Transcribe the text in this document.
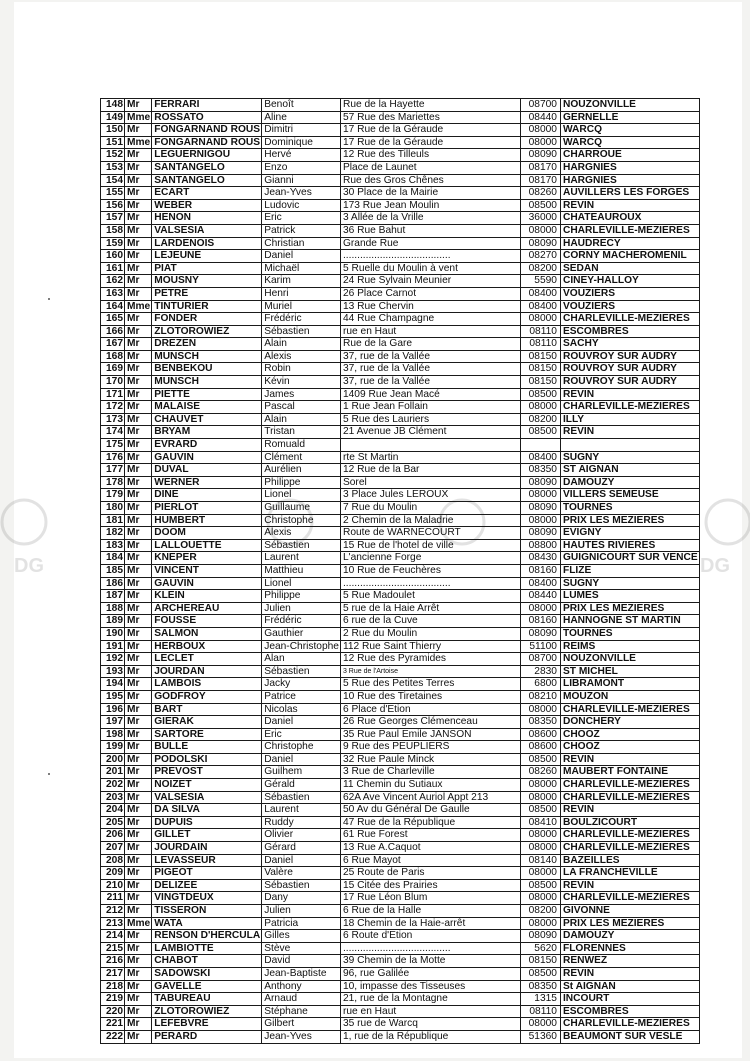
148	Mr	FERRARI	Benoît	Rue de la Hayette	08700	NOUZONVILLE
149	Mme	ROSSATO	Aline	57 Rue des Mariettes	08440	GERNELLE
150	Mr	FONGARNAND ROUS	Dimitri	17 Rue de la Géraude	08000	WARCQ
151	Mme	FONGARNAND ROUS	Dominique	17 Rue de la Géraude	08000	WARCQ
152	Mr	LEGUERNIGOU	Hervé	12 Rue des Tilleuls	08090	CHARROUE
153	Mr	SANTANGELO	Enzo	Place de Launet	08170	HARGNIES
154	Mr	SANTANGELO	Gianni	Rue des Gros Chênes	08170	HARGNIES
155	Mr	ECART	Jean-Yves	30 Place de la Mairie	08260	AUVILLERS LES FORGES
156	Mr	WEBER	Ludovic	173 Rue Jean Moulin	08500	REVIN
157	Mr	HENON	Eric	3 Allée de la Vrille	36000	CHATEAUROUX
158	Mr	VALSESIA	Patrick	36 Rue Bahut	08000	CHARLEVILLE-MEZIERES
159	Mr	LARDENOIS	Christian	Grande Rue	08090	HAUDRECY
160	Mr	LEJEUNE	Daniel	......................................	08270	CORNY MACHEROMENIL
161	Mr	PIAT	Michaël	5 Ruelle du Moulin à vent	08200	SEDAN
162	Mr	MOUSNY	Karim	24 Rue Sylvain Meunier	5590	CINEY-HALLOY
163	Mr	PETRE	Henri	26 Place Carnot	08400	VOUZIERS
164	Mme	TINTURIER	Muriel	13 Rue Chervin	08400	VOUZIERS
165	Mr	FONDER	Frédéric	44 Rue Champagne	08000	CHARLEVILLE-MEZIERES
166	Mr	ZLOTOROWIEZ	Sébastien	rue en Haut	08110	ESCOMBRES
167	Mr	DREZEN	Alain	Rue de la Gare	08110	SACHY
168	Mr	MUNSCH	Alexis	37, rue de la Vallée	08150	ROUVROY SUR AUDRY
169	Mr	BENBEKOU	Robin	37, rue de la Vallée	08150	ROUVROY SUR AUDRY
170	Mr	MUNSCH	Kévin	37, rue de la Vallée	08150	ROUVROY SUR AUDRY
171	Mr	PIETTE	James	1409 Rue Jean Macé	08500	REVIN
172	Mr	MALAISE	Pascal	1 Rue Jean Follain	08000	CHARLEVILLE-MEZIERES
173	Mr	CHAUVET	Alain	5 Rue des Lauriers	08200	ILLY
174	Mr	BRYAM	Tristan	21 Avenue JB Clément	08500	REVIN
175	Mr	EVRARD	Romuald			
176	Mr	GAUVIN	Clément	rte St Martin	08400	SUGNY
177	Mr	DUVAL	Aurélien	12 Rue de la Bar	08350	ST AIGNAN
178	Mr	WERNER	Philippe	Sorel	08090	DAMOUZY
179	Mr	DINE	Lionel	3 Place Jules LEROUX	08000	VILLERS SEMEUSE
180	Mr	PIERLOT	Guillaume	7 Rue du Moulin	08090	TOURNES
181	Mr	HUMBERT	Christophe	2 Chemin de la Maladrie	08000	PRIX LES MEZIERES
182	Mr	DOOM	Alexis	Route de WARNECOURT	08090	EVIGNY
183	Mr	LALLOUETTE	Sébastien	15 Rue de l'hotel de ville	08800	HAUTES RIVIERES
184	Mr	KNEPER	Laurent	L'ancienne Forge	08430	GUIGNICOURT SUR VENCE
185	Mr	VINCENT	Matthieu	10 Rue de Feuchères	08160	FLIZE
186	Mr	GAUVIN	Lionel	......................................	08400	SUGNY
187	Mr	KLEIN	Philippe	5 Rue Madoulet	08440	LUMES
188	Mr	ARCHEREAU	Julien	5 rue de la Haie Arrêt	08000	PRIX LES MEZIERES
189	Mr	FOUSSE	Frédéric	6 rue de la Cuve	08160	HANNOGNE ST MARTIN
190	Mr	SALMON	Gauthier	2 Rue du Moulin	08090	TOURNES
191	Mr	HERBOUX	Jean-Christophe	112 Rue Saint Thierry	51100	REIMS
192	Mr	LECLET	Alan	12 Rue des Pyramides	08700	NOUZONVILLE
193	Mr	JOURDAN	Sébastien	3 Rue de l'Artoise	2830	ST MICHEL
194	Mr	LAMBOIS	Jacky	5 Rue des Petites Terres	6800	LIBRAMONT
195	Mr	GODFROY	Patrice	10 Rue des Tiretaines	08210	MOUZON
196	Mr	BART	Nicolas	6 Place d'Etion	08000	CHARLEVILLE-MEZIERES
197	Mr	GIERAK	Daniel	26 Rue Georges Clémenceau	08350	DONCHERY
198	Mr	SARTORE	Eric	35 Rue Paul Emile JANSON	08600	CHOOZ
199	Mr	BULLE	Christophe	9 Rue des PEUPLIERS	08600	CHOOZ
200	Mr	PODOLSKI	Daniel	32 Rue Paule Minck	08500	REVIN
201	Mr	PREVOST	Guilhem	3 Rue de Charleville	08260	MAUBERT FONTAINE
202	Mr	NOIZET	Gérald	11 Chemin du Sutiaux	08000	CHARLEVILLE-MEZIERES
203	Mr	VALSESIA	Sébastien	62A Ave Vincent Auriol Appt 213	08000	CHARLEVILLE-MEZIERES
204	Mr	DA SILVA	Laurent	50 Av du Général De Gaulle	08500	REVIN
205	Mr	DUPUIS	Ruddy	47 Rue de la République	08410	BOULZICOURT
206	Mr	GILLET	Olivier	61 Rue Forest	08000	CHARLEVILLE-MEZIERES
207	Mr	JOURDAIN	Gérard	13 Rue A.Caquot	08000	CHARLEVILLE-MEZIERES
208	Mr	LEVASSEUR	Daniel	6 Rue Mayot	08140	BAZEILLES
209	Mr	PIGEOT	Valère	25 Route de Paris	08000	LA FRANCHEVILLE
210	Mr	DELIZEE	Sébastien	15 Citée des Prairies	08500	REVIN
211	Mr	VINGTDEUX	Dany	17 Rue Léon Blum	08000	CHARLEVILLE-MEZIERES
212	Mr	TISSERON	Julien	6 Rue de la Halle	08200	GIVONNE
213	Mme	WATA	Patricia	18 Chemin de la Haie-arrêt	08000	PRIX LES MEZIERES
214	Mr	RENSON D'HERCULA	Gilles	6 Route d'Etion	08090	DAMOUZY
215	Mr	LAMBIOTTE	Stève	......................................	5620	FLORENNES
216	Mr	CHABOT	David	39 Chemin de la Motte	08150	RENWEZ
217	Mr	SADOWSKI	Jean-Baptiste	96, rue Galilée	08500	REVIN
218	Mr	GAVELLE	Anthony	10, impasse des Tisseuses	08350	St AIGNAN
219	Mr	TABUREAU	Arnaud	21, rue de la Montagne	1315	INCOURT
220	Mr	ZLOTOROWIEZ	Stéphane	rue en Haut	08110	ESCOMBRES
221	Mr	LEFEBVRE	Gilbert	35 rue de Warcq	08000	CHARLEVILLE-MEZIERES
222	Mr	PERARD	Jean-Yves	1, rue de la République	51360	BEAUMONT SUR VESLE
